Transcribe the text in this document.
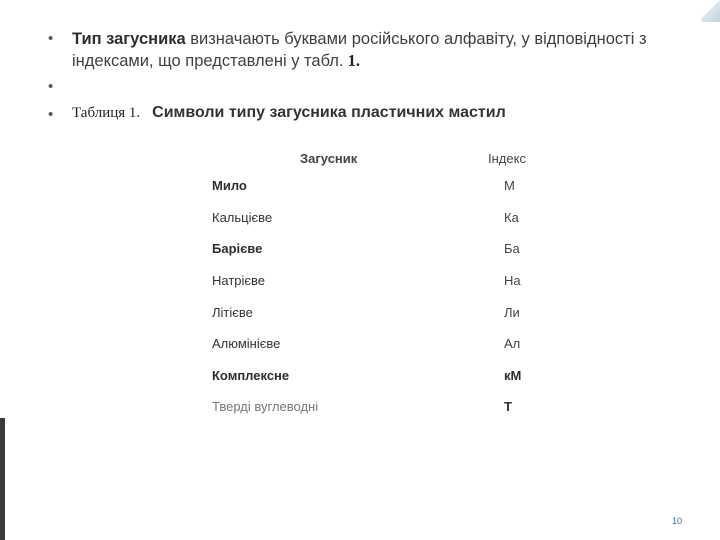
•	Тип загусника визначають буквами російського алфавіту, у відповідності з індексами, що представлені у табл. 1.
•
•	Таблиця 1. Символи типу загусника пластичних мастил
Загусник	Індекс
Мило	М
Кальцієве	Ка
Барієве	Ба
Натрієве	На
Літієве	Ли
Алюмінієве	Ал
Комплексне	кМ
Тверді вуглеводні	Т
10
